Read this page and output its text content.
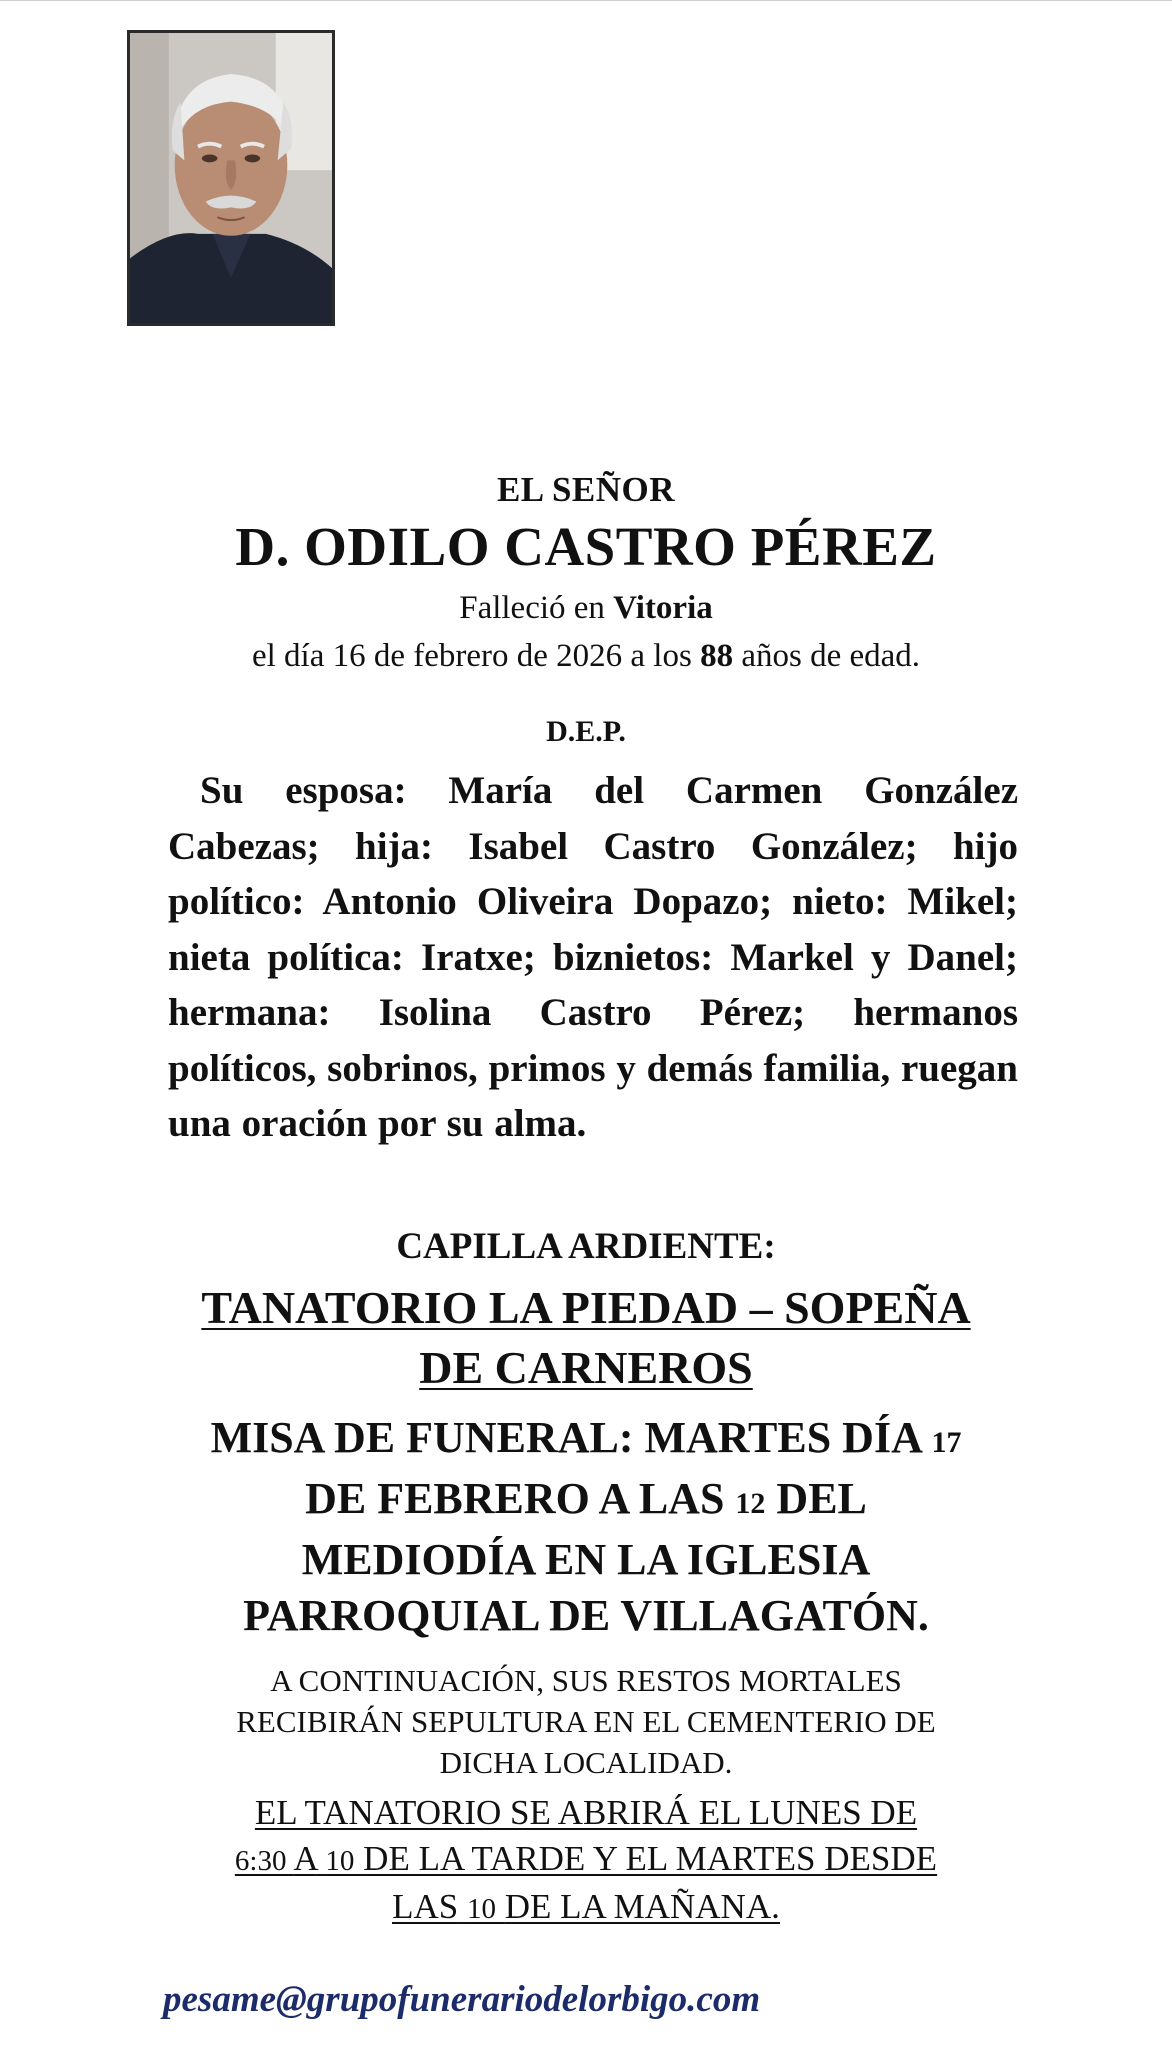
EL SEÑOR
D. ODILO CASTRO PÉREZ
Falleció en Vitoria
el día 16 de febrero de 2026 a los 88 años de edad.
D.E.P.
Su esposa: María del Carmen González Cabezas; hija: Isabel Castro González; hijo político: Antonio Oliveira Dopazo; nieto: Mikel; nieta política: Iratxe; biznietos: Markel y Danel; hermana: Isolina Castro Pérez; hermanos políticos, sobrinos, primos y demás familia, ruegan una oración por su alma.
CAPILLA ARDIENTE:
TANATORIO LA PIEDAD – SOPEÑA
DE CARNEROS
MISA DE FUNERAL: MARTES DÍA 17
DE FEBRERO A LAS 12 DEL
MEDIODÍA EN LA IGLESIA
PARROQUIAL DE VILLAGATÓN.
A CONTINUACIÓN, SUS RESTOS MORTALES
RECIBIRÁN SEPULTURA EN EL CEMENTERIO DE
DICHA LOCALIDAD.
EL TANATORIO SE ABRIRÁ EL LUNES DE
6:30 A 10 DE LA TARDE Y EL MARTES DESDE
LAS 10 DE LA MAÑANA.
pesame@grupofunerariodelorbigo.com
